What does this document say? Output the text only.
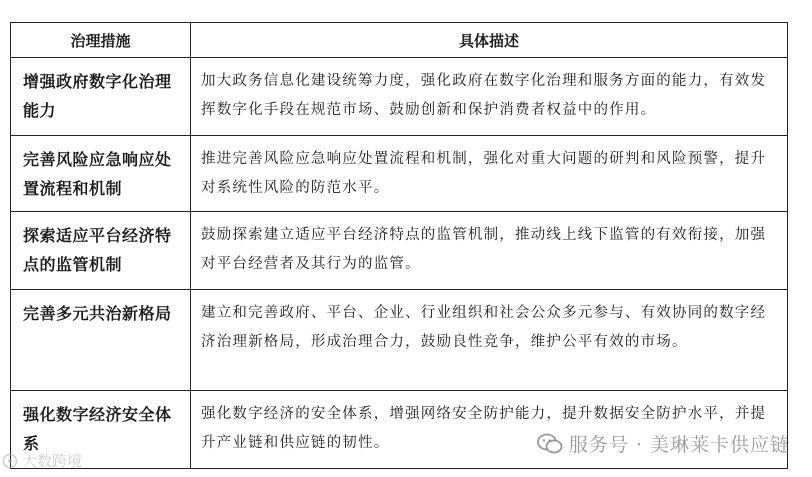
治理措施	具体描述
增强政府数字化治理能力	加大政务信息化建设统筹力度，强化政府在数字化治理和服务方面的能力，有效发挥数字化手段在规范市场、鼓励创新和保护消费者权益中的作用。
完善风险应急响应处置流程和机制	推进完善风险应急响应处置流程和机制，强化对重大问题的研判和风险预警，提升对系统性风险的防范水平。
探索适应平台经济特点的监管机制	鼓励探索建立适应平台经济特点的监管机制，推动线上线下监管的有效衔接，加强对平台经营者及其行为的监管。
完善多元共治新格局	建立和完善政府、平台、企业、行业组织和社会公众多元参与、有效协同的数字经济治理新格局，形成治理合力，鼓励良性竞争，维护公平有效的市场。
强化数字经济安全体系	强化数字经济的安全体系，增强网络安全防护能力，提升数据安全防护水平，并提升产业链和供应链的韧性。	服务号 · 美琳莱卡供应链
大数跨境
